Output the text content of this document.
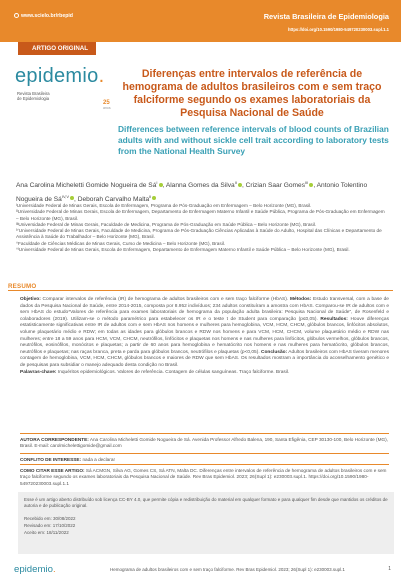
www.scielo.br/rbepid	Revista Brasileira de Epidemiologia
https://doi.org/10.1590/1980-549720230003.supl.1.1
ARTIGO ORIGINAL
epidemio.
Revista Brasileira
de Epidemiologia
25
anos
Diferenças entre intervalos de referência de hemograma de adultos brasileiros com e sem traço falciforme segundo os exames laboratoriais da Pesquisa Nacional de Saúde
Differences between reference intervals of blood counts of Brazilian adults with and without sickle cell trait according to laboratory tests from the National Health Survey
Ana Carolina Micheletti Gomide Nogueira de $Sá^I$ , Alanna Gomes da Silva$^{II}$ , Crizian Saar Gomes$^{III}$ , Antonio Tolentino Nogueira de $Sá^{IV,V}$ , Deborah Carvalho Malta$^{II}$
ᴵUniversidade Federal de Minas Gerais, Escola de Enfermagem, Programa de Pós-Graduação em Enfermagem – Belo Horizonte (MG), Brasil.
ᴵᴵUniversidade Federal de Minas Gerais, Escola de Enfermagem, Departamento de Enfermagem Materno Infantil e Saúde Pública, Programa de Pós-Graduação em Enfermagem – Belo Horizonte (MG), Brasil.
ᴵᴵᴵUniversidade Federal de Minas Gerais, Faculdade de Medicina, Programa de Pós-Graduação em Saúde Pública – Belo Horizonte (MG), Brasil.
ᴵⱽUniversidade Federal de Minas Gerais, Faculdade de Medicina, Programa de Pós-Graduação Ciências Aplicadas à Saúde do Adulto, Hospital das Clínicas e Departamento de Assistência à Saúde do Trabalhador – Belo Horizonte (MG), Brasil.
ⱽFaculdade de Ciências Médicas de Minas Gerais, Curso de Medicina – Belo Horizonte (MG), Brasil.
ⱽᴵUniversidade Federal de Minas Gerais, Escola de Enfermagem, Departamento de Enfermagem Materno Infantil e Saúde Pública – Belo Horizonte (MG), Brasil.
RESUMO
Objetivo: Comparar intervalos de referência (IR) de hemograma de adultos brasileiros com e sem traço falciforme (HbAS). Métodos: Estudo transversal, com a base de dados da Pesquisa Nacional de Saúde, entre 2014-2015, composta por 8.952 indivíduos; 234 adultos constituíram a amostra com HbAS. Comparou-se IR de adultos com e sem HbAS do estudo*Valores de referência para exames laboratoriais de hemograma da população adulta brasileira: Pesquisa Nacional de Saúde", de Rosenfeld e colaboradores (2019). Utilizam-se o método paramétrico para estabelecer os IR e o teste t de Student para comparação (p≤0,05). Resultados: Houve diferenças estatisticamente significativas entre IR de adultos com e sem HbAS nos homens e mulheres para hemoglobina, VCM, HCM, CHCM, glóbulos brancos, linfócitos absolutos, volume plaquetário médio e RDW; em todas as idades para glóbulos brancos e RDW nos homens e para VCM, HCM, CHCM, volume plaquetário médio e RDW nas mulheres; entre 18 a 59 anos para HCM, VCM, CHCM, neutrófilos, linfócitos e plaquetas nos homens e nas mulheres para linfócitos, glóbulos vermelhos, glóbulos brancos, neutrófilos, eosinófilos, monócitos e plaquetas; a partir de 60 anos para hemoglobina e hematócrito nos homens e nas mulheres para hematócrito, glóbulos brancos, neutrófilos e plaquetas; nas raças branca, preta e parda para glóbulos brancos, neutrófilos e plaquetas (p<0,05). Conclusão: Adultos brasileiros com HbAS tiveram menores contagem de hemoglobina, VCM, HCM, CHCM, glóbulos brancos e maiores de RDW que sem HbAS. Os resultados mostram a importância do aconselhamento genético e de pesquisas para subsidiar o manejo adequado desta condição no Brasil.
Palavras-chave: Inquéritos epidemiológicos. Valores de referência. Contagem de células sanguíneas. Traço falciforme. Brasil.
AUTORA CORRESPONDENTE: Ana Carolina Micheletti Gomide Nogueira de Sá. Avenida Professor Alfredo Balena, 190, Santa Efigênia, CEP 30130-100, Belo Horizonte (MG), Brasil. E-mail: carolmichelettigomide@gmail.com
CONFLITO DE INTERESSE: nada a declarar
COMO CITAR ESSE ARTIGO: Sá ACMGN, Silva AG, Gomes CS, Sá ATN, Malta DC. Diferenças entre intervalos de referência de hemograma de adultos brasileiros com e sem traço falciforme segundo os exames laboratoriais da Pesquisa Nacional de Saúde. Rev Bras Epidemiol. 2023; 26(Supl 1): e230003.supl.1. https://doi.org/10.1590/1980-549720230003.supl.1.1
Esse é um artigo aberto distribuído sob licença CC-BY 4.0, que permite cópia e redistribuição do material em qualquer formato e para qualquer fim desde que mantidos os créditos de autoria e de publicação original.
Recebido em: 30/08/2022
Revisado em: 17/10/2022
Aceito em: 18/11/2022
epidemio.	Hemograma de adultos brasileiros com e sem traço falciforme. Rev Bras Epidemiol. 2023; 26(Supl 1): e230003.supl.1	1
